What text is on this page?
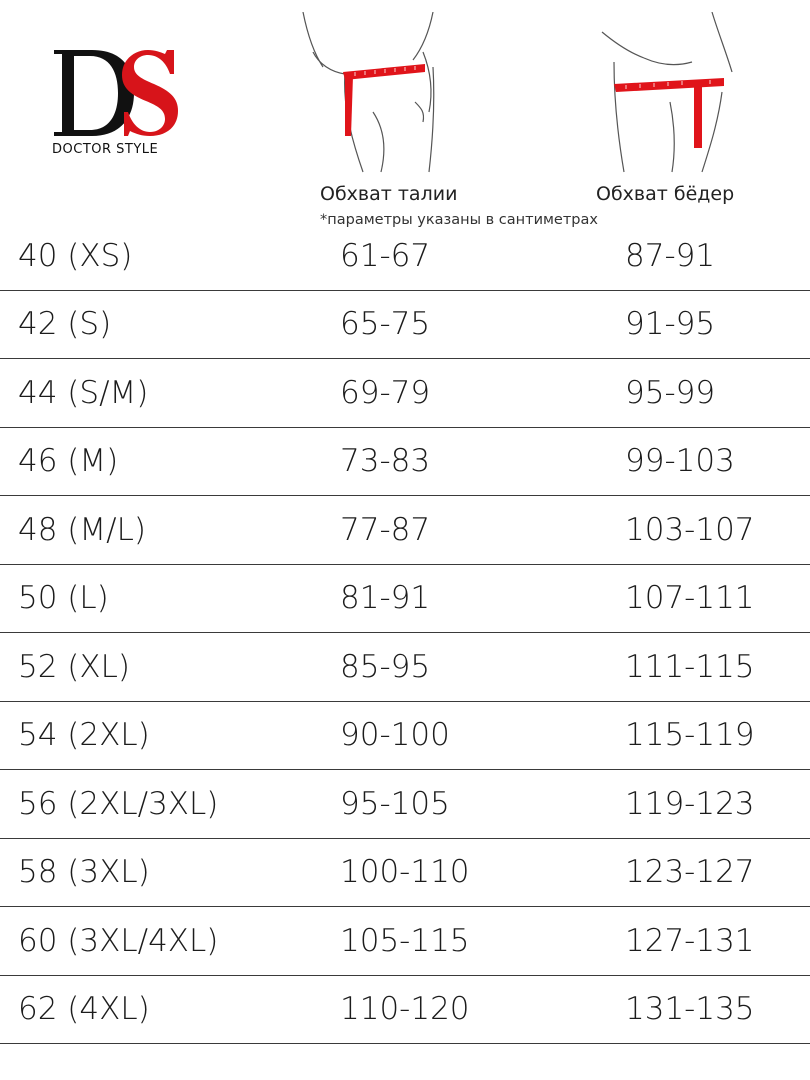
DOCTOR STYLE
Обхват талии	Обхват бёдер
*параметры указаны в сантиметрах
40 (XS)	61-67	87-91
42 (S)	65-75	91-95
44 (S/M)	69-79	95-99
46 (M)	73-83	99-103
48 (M/L)	77-87	103-107
50 (L)	81-91	107-111
52 (XL)	85-95	111-115
54 (2XL)	90-100	115-119
56 (2XL/3XL)	95-105	119-123
58 (3XL)	100-110	123-127
60 (3XL/4XL)	105-115	127-131
62 (4XL)	110-120	131-135
